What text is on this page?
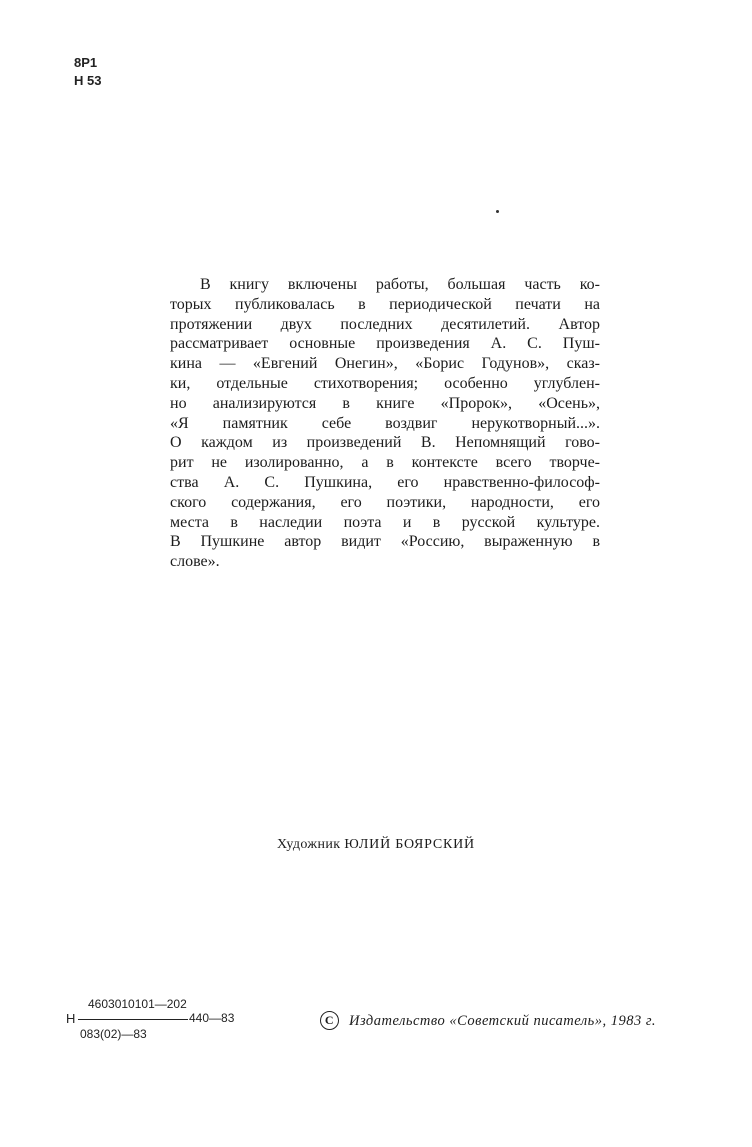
8Р1
Н 53
В книгу включены работы, большая часть ко-
торых публиковалась в периодической печати на
протяжении двух последних десятилетий. Автор
рассматривает основные произведения А. С. Пуш-
кина — «Евгений Онегин», «Борис Годунов», сказ-
ки, отдельные стихотворения; особенно углублен-
но анализируются в книге «Пророк», «Осень»,
«Я памятник себе воздвиг нерукотворный...».
О каждом из произведений В. Непомнящий гово-
рит не изолированно, а в контексте всего творче-
ства А. С. Пушкина, его нравственно-философ-
ского содержания, его поэтики, народности, его
места в наследии поэта и в русской культуре.
В Пушкине автор видит «Россию, выраженную в
слове».
Художник ЮЛИЙ БОЯРСКИЙ
4603010101—202
Н	440—83
083(02)—83
C Издательство «Советский писатель», 1983 г.
